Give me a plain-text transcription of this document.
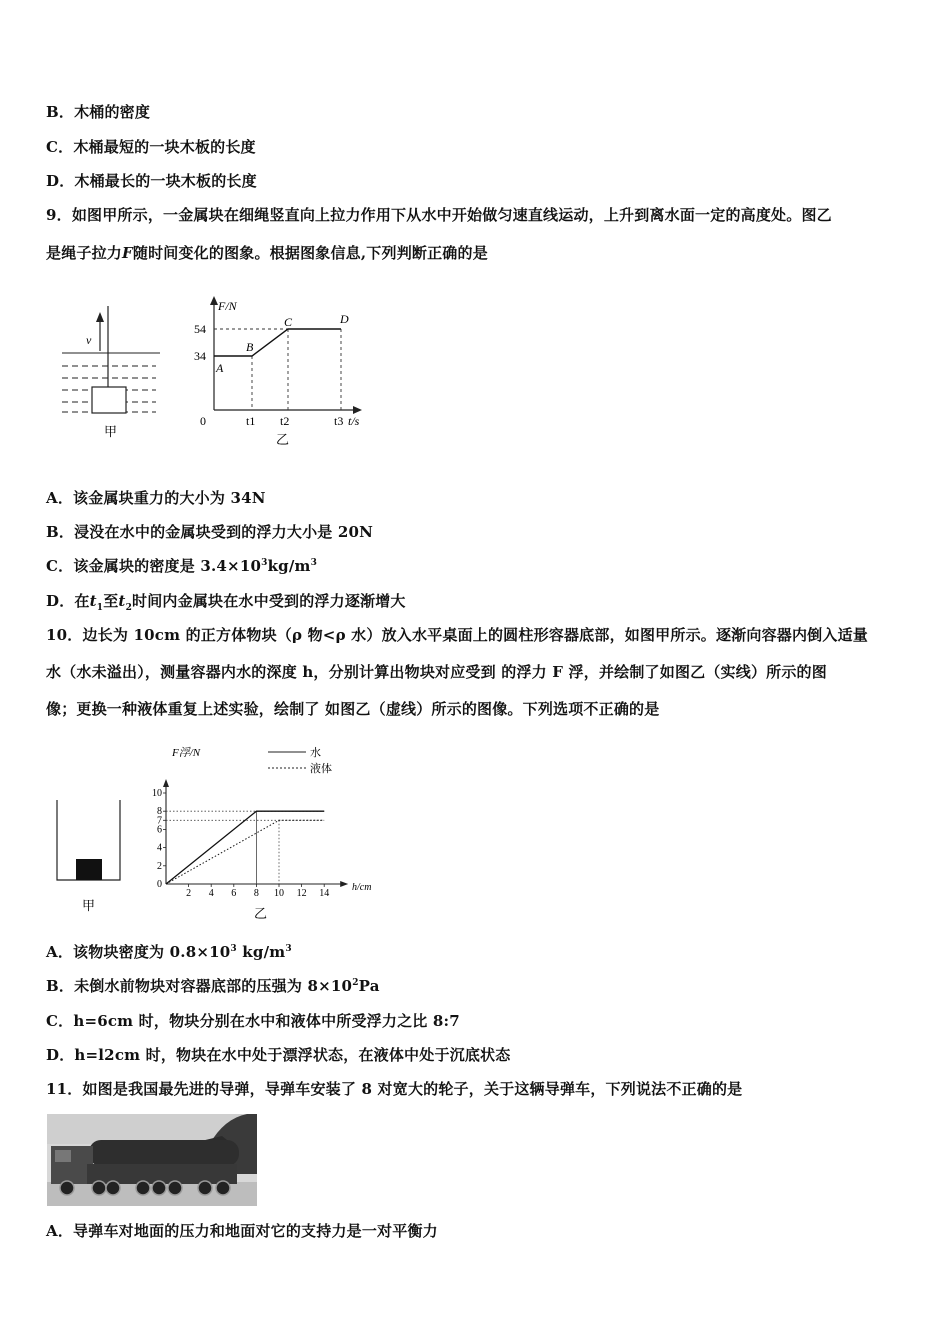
B．木桶的密度
C．木桶最短的一块木板的长度
D．木桶最长的一块木板的长度
9．如图甲所示，一金属块在细绳竖直向上拉力作用下从水中开始做匀速直线运动，上升到离水面一定的高度处。图乙
是绳子拉力F随时间变化的图象。根据图象信息,下列判断正确的是
v
甲
F/N
t/s
0
54
34
A
B
C	D
t1 t2	t3
乙
A．该金属块重力的大小为 34N
B．浸没在水中的金属块受到的浮力大小是 20N
C．该金属块的密度是 $3.4\times 10^3kg/m^3$
D．在$t_1$至$t_2$时间内金属块在水中受到的浮力逐渐增大
10．边长为 10cm 的正方体物块（ρ 物<ρ 水）放入水平桌面上的圆柱形容器底部，如图甲所示。逐渐向容器内倒入适量
水（水未溢出），测量容器内水的深度 h，分别计算出物块对应受到 的浮力 F 浮，并绘制了如图乙（实线）所示的图
像；更换一种液体重复上述实验，绘制了 如图乙（虚线）所示的图像。下列选项不正确的是
甲
10
8
7
6
4
2
0
2 4 6 8 10 12 14
F浮/N
h/cm
水
液体
乙
A．该物块密度为 $0.8\times 10^3$ $kg/m^3$
B．未倒水前物块对容器底部的压强为 $8\times 10^2Pa$
C．h=6cm 时，物块分别在水中和液体中所受浮力之比 8:7
D．h=l2cm 时，物块在水中处于漂浮状态，在液体中处于沉底状态
11．如图是我国最先进的导弹，导弹车安装了 8 对宽大的轮子，关于这辆导弹车，下列说法不正确的是
A．导弹车对地面的压力和地面对它的支持力是一对平衡力
